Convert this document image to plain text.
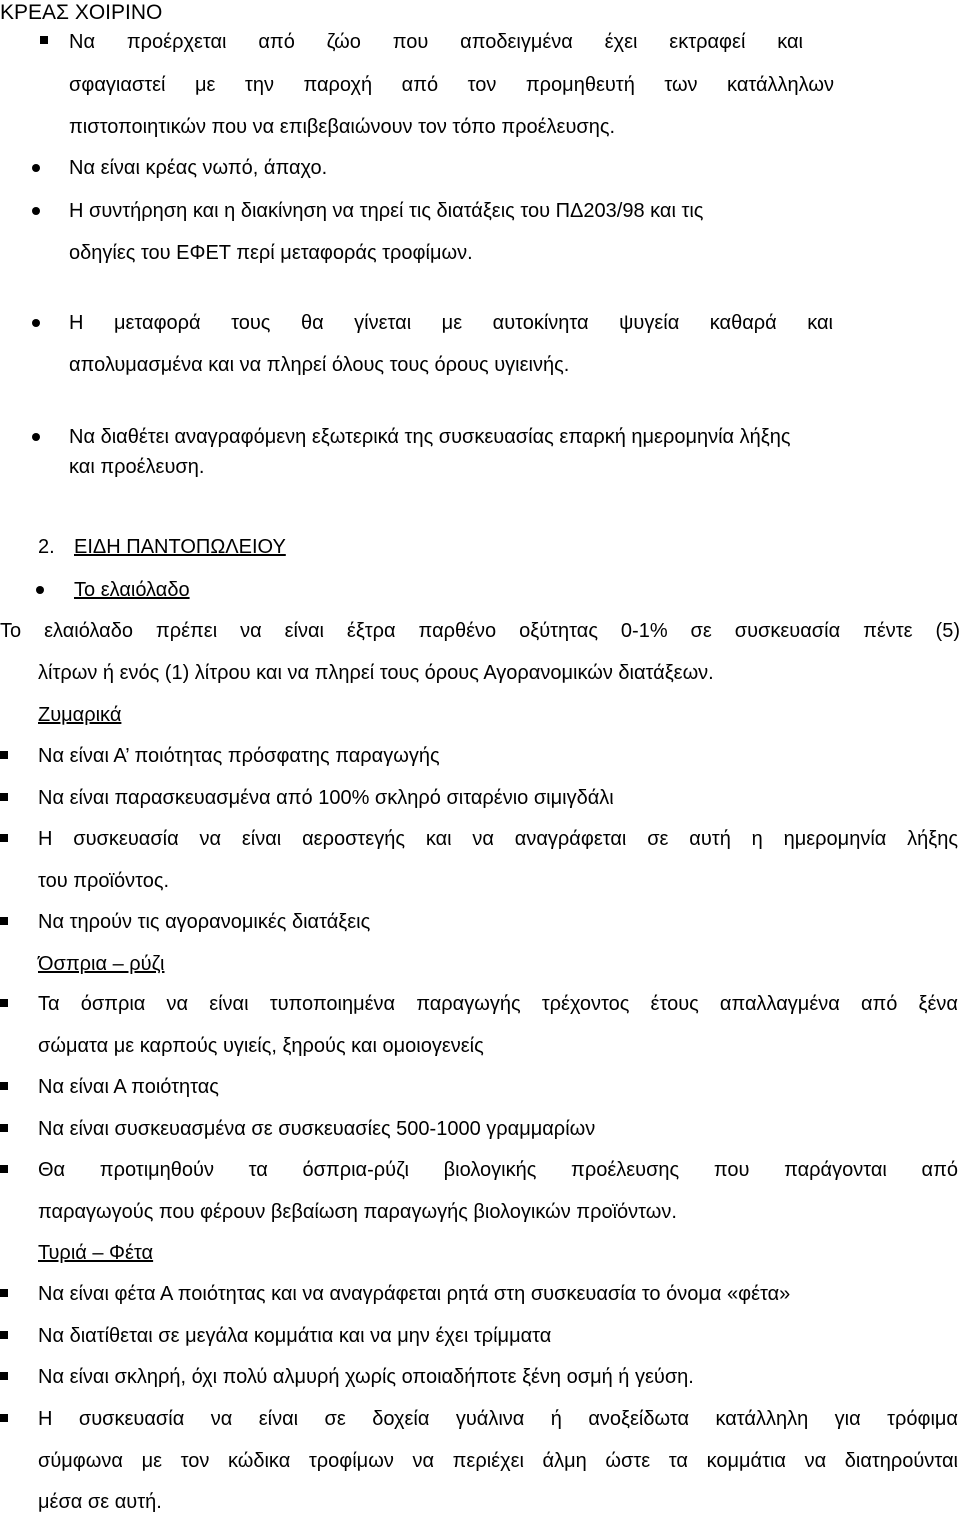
ΚΡΕΑΣ ΧΟΙΡΙΝΟ
Να προέρχεται από ζώο που αποδειγμένα έχει εκτραφεί και
σφαγιαστεί με την παροχή από τον προμηθευτή των κατάλληλων
πιστοποιητικών που να επιβεβαιώνουν τον τόπο προέλευσης.
Να είναι κρέας νωπό, άπαχο.
Η συντήρηση και η διακίνηση να τηρεί τις διατάξεις του ΠΔ203/98 και τις
οδηγίες του ΕΦΕΤ περί μεταφοράς τροφίμων.
Η μεταφορά τους θα γίνεται με αυτοκίνητα ψυγεία καθαρά και
απολυμασμένα και να πληρεί όλους τους όρους υγιεινής.
Να διαθέτει αναγραφόμενη εξωτερικά της συσκευασίας επαρκή ημερομηνία λήξης
και προέλευση.
2. ΕΙΔΗ ΠΑΝΤΟΠΩΛΕΙΟΥ
Το ελαιόλαδο
Το ελαιόλαδο πρέπει να είναι έξτρα παρθένο οξύτητας 0-1% σε συσκευασία πέντε (5)
λίτρων ή ενός (1) λίτρου και να πληρεί τους όρους Αγορανομικών διατάξεων.
Ζυμαρικά
Να είναι Α’ ποιότητας πρόσφατης παραγωγής
Να είναι παρασκευασμένα από 100% σκληρό σιταρένιο σιμιγδάλι
Η συσκευασία να είναι αεροστεγής και να αναγράφεται σε αυτή η ημερομηνία λήξης
του προϊόντος.
Να τηρούν τις αγορανομικές διατάξεις
Όσπρια – ρύζι
Τα όσπρια να είναι τυποποιημένα παραγωγής τρέχοντος έτους απαλλαγμένα από ξένα
σώματα με καρπούς υγιείς, ξηρούς και ομοιογενείς
Να είναι Α ποιότητας
Να είναι συσκευασμένα σε συσκευασίες 500-1000 γραμμαρίων
Θα προτιμηθούν τα όσπρια-ρύζι βιολογικής προέλευσης που παράγονται από
παραγωγούς που φέρουν βεβαίωση παραγωγής βιολογικών προϊόντων.
Τυριά – Φέτα
Να είναι φέτα Α ποιότητας και να αναγράφεται ρητά στη συσκευασία το όνομα «φέτα»
Να διατίθεται σε μεγάλα κομμάτια και να μην έχει τρίμματα
Να είναι σκληρή, όχι πολύ αλμυρή χωρίς οποιαδήποτε ξένη οσμή ή γεύση.
Η συσκευασία να είναι σε δοχεία γυάλινα ή ανοξείδωτα κατάλληλη για τρόφιμα
σύμφωνα με τον κώδικα τροφίμων να περιέχει άλμη ώστε τα κομμάτια να διατηρούνται
μέσα σε αυτή.
